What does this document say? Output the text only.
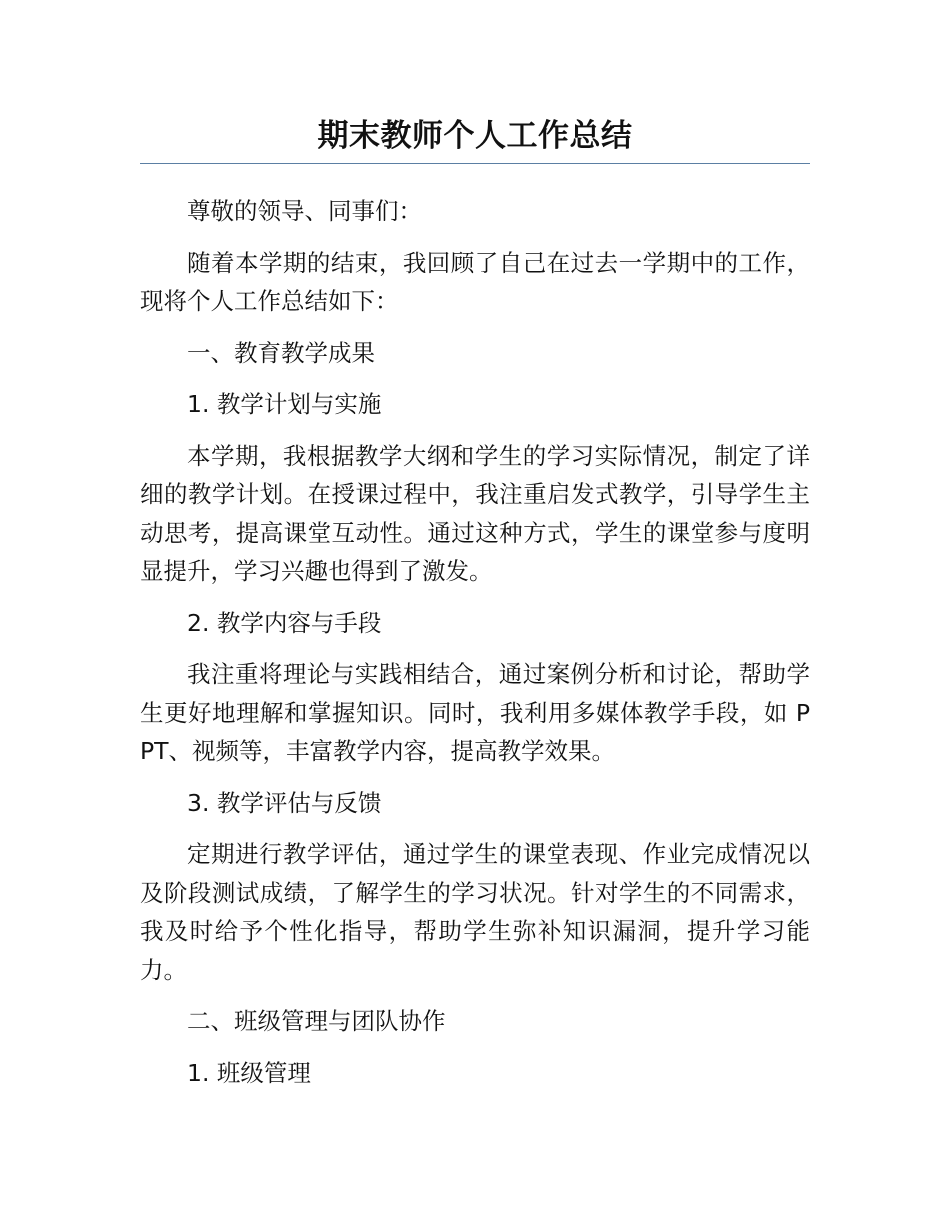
期末教师个人工作总结

尊敬的领导、同事们：

随着本学期的结束，我回顾了自己在过去一学期中的工作，现将个人工作总结如下：

一、教育教学成果

1. 教学计划与实施

本学期，我根据教学大纲和学生的学习实际情况，制定了详细的教学计划。在授课过程中，我注重启发式教学，引导学生主动思考，提高课堂互动性。通过这种方式，学生的课堂参与度明显提升，学习兴趣也得到了激发。

2. 教学内容与手段

我注重将理论与实践相结合，通过案例分析和讨论，帮助学生更好地理解和掌握知识。同时，我利用多媒体教学手段，如 PPT、视频等，丰富教学内容，提高教学效果。

3. 教学评估与反馈

定期进行教学评估，通过学生的课堂表现、作业完成情况以及阶段测试成绩，了解学生的学习状况。针对学生的不同需求，我及时给予个性化指导，帮助学生弥补知识漏洞，提升学习能力。

二、班级管理与团队协作

1. 班级管理
